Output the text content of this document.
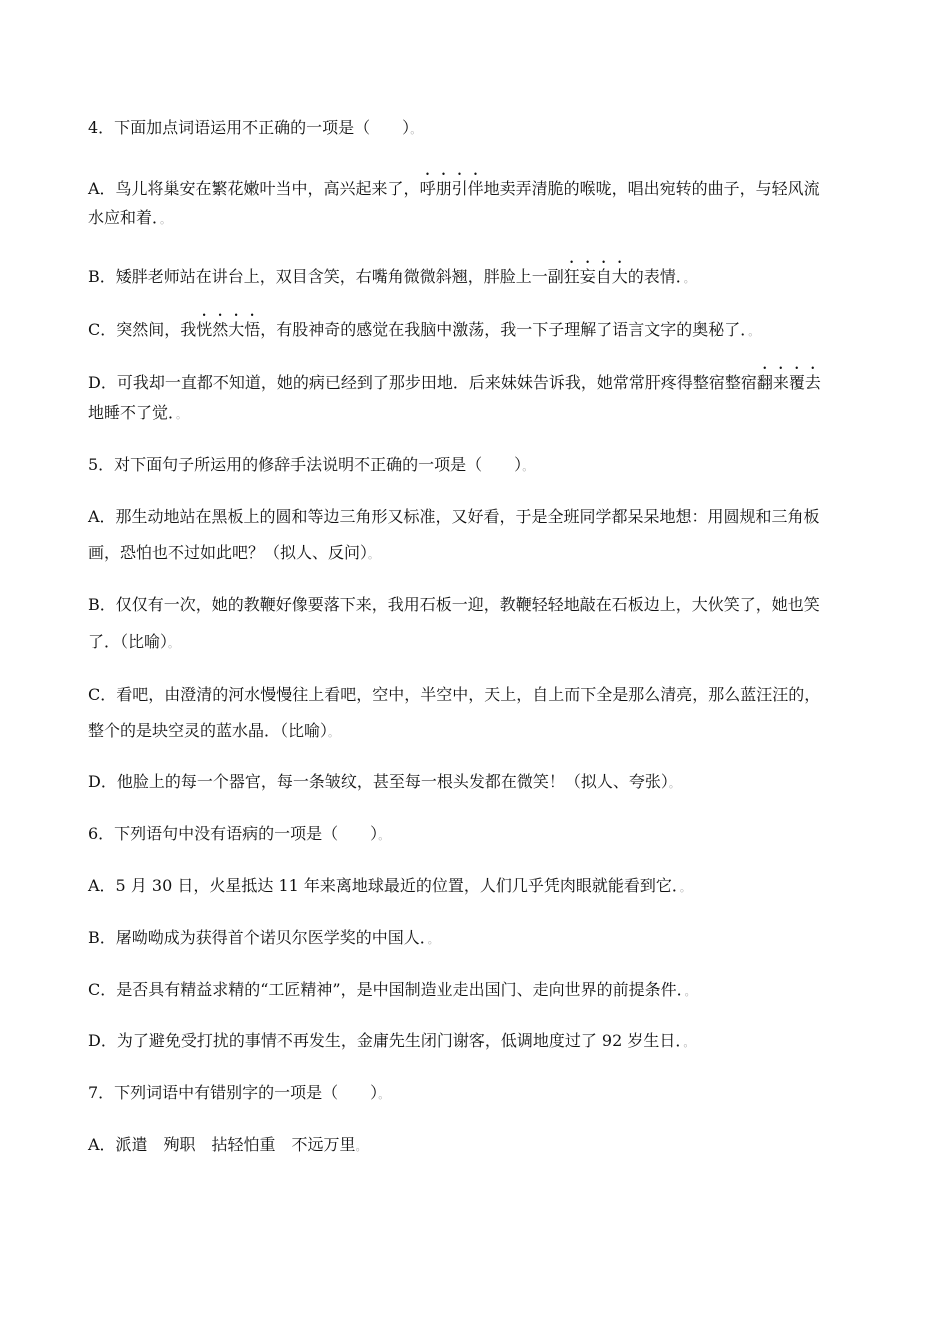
4．下面加点词语运用不正确的一项是（　　）。
A．鸟儿将巢安在繁花嫩叶当中，高兴起来了，呼朋引伴地卖弄清脆的喉咙，唱出宛转的曲子，与轻风流
水应和着．。
B．矮胖老师站在讲台上，双目含笑，右嘴角微微斜翘，胖脸上一副狂妄自大的表情．。
C．突然间，我恍然大悟，有股神奇的感觉在我脑中激荡，我一下子理解了语言文字的奥秘了．。
D．可我却一直都不知道，她的病已经到了那步田地．后来妹妹告诉我，她常常肝疼得整宿整宿翻来覆去
地睡不了觉．。
5．对下面句子所运用的修辞手法说明不正确的一项是（　　）。
A．那生动地站在黑板上的圆和等边三角形又标准，又好看，于是全班同学都呆呆地想：用圆规和三角板
画，恐怕也不过如此吧？（拟人、反问）。
B．仅仅有一次，她的教鞭好像要落下来，我用石板一迎，教鞭轻轻地敲在石板边上，大伙笑了，她也笑
了．（比喻）。
C．看吧，由澄清的河水慢慢往上看吧，空中，半空中，天上，自上而下全是那么清亮，那么蓝汪汪的，
整个的是块空灵的蓝水晶．（比喻）。
D．他脸上的每一个器官，每一条皱纹，甚至每一根头发都在微笑！（拟人、夸张）。
6．下列语句中没有语病的一项是（　　）。
A．5 月 30 日，火星抵达 11 年来离地球最近的位置，人们几乎凭肉眼就能看到它．。
B．屠呦呦成为获得首个诺贝尔医学奖的中国人．。
C．是否具有精益求精的“工匠精神”，是中国制造业走出国门、走向世界的前提条件．。
D．为了避免受打扰的事情不再发生，金庸先生闭门谢客，低调地度过了 92 岁生日．。
7．下列词语中有错别字的一项是（　　）。
A．派遣　殉职　拈轻怕重　不远万里。
